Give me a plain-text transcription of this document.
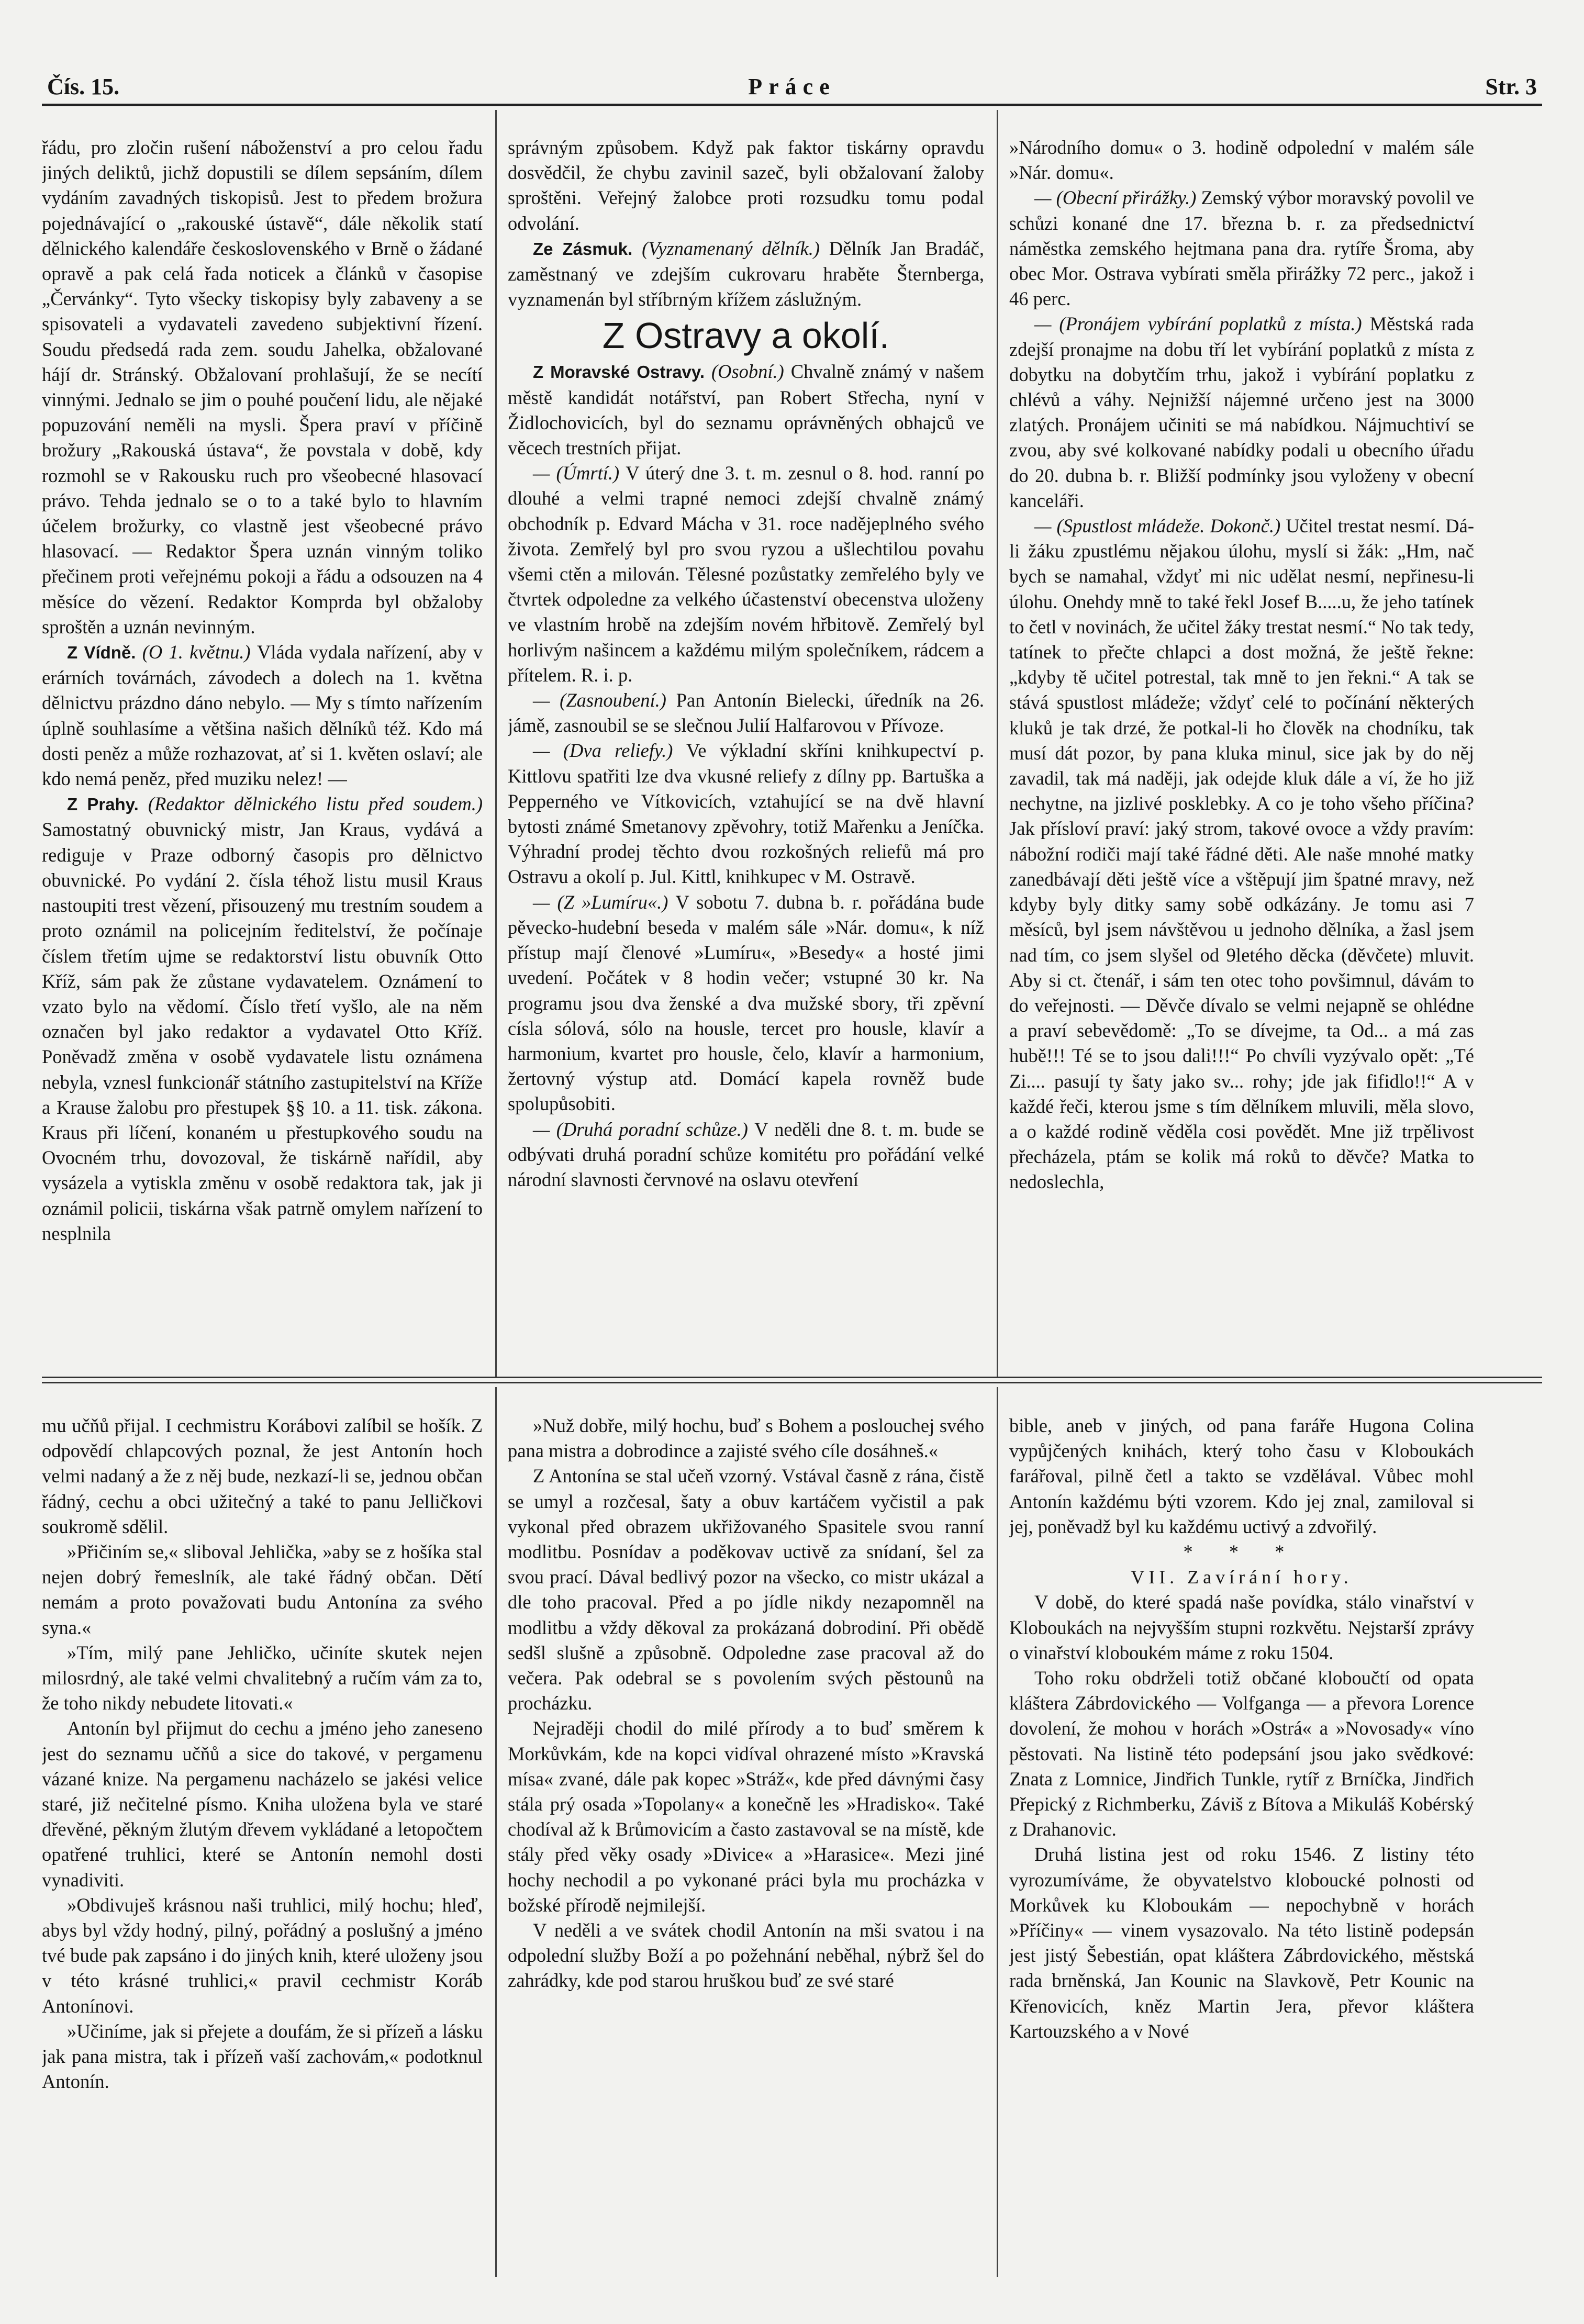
Čís. 15.	Práce	Str. 3

řádu, pro zločin rušení náboženství a pro celou řadu jiných deliktů, jichž dopustili se dílem sepsáním, dílem vydáním zavadných tiskopisů. Jest to předem brožura pojednávající o „rakouské ústavě“, dále několik statí dělnického kalendáře československého v Brně o žádané opravě a pak celá řada noticek a článků v časopise „Červánky“. Tyto všecky tiskopisy byly zabaveny a se spisovateli a vydavateli zavedeno subjektivní řízení. Soudu předsedá rada zem. soudu Jahelka, obžalované hájí dr. Stránský. Obžalovaní prohlašují, že se necítí vinnými. Jednalo se jim o pouhé poučení lidu, ale nějaké popuzování neměli na mysli. Špera praví v příčině brožury „Rakouská ústava“, že povstala v době, kdy rozmohl se v Rakousku ruch pro všeobecné hlasovací právo. Tehda jednalo se o to a také bylo to hlavním účelem brožurky, co vlastně jest všeobecné právo hlasovací. — Redaktor Špera uznán vinným toliko přečinem proti veřejnému pokoji a řádu a odsouzen na 4 měsíce do vězení. Redaktor Komprda byl obžaloby sproštěn a uznán nevinným.

Z Vídně. (O 1. květnu.) Vláda vydala nařízení, aby v erárních továrnách, závodech a dolech na 1. května dělnictvu prázdno dáno nebylo. — My s tímto nařízením úplně souhlasíme a většina našich dělníků též. Kdo má dosti peněz a může rozhazovat, ať si 1. květen oslaví; ale kdo nemá peněz, před muziku nelez! —

Z Prahy. (Redaktor dělnického listu před soudem.) Samostatný obuvnický mistr, Jan Kraus, vydává a rediguje v Praze odborný časopis pro dělnictvo obuvnické. Po vydání 2. čísla téhož listu musil Kraus nastoupiti trest vězení, přisouzený mu trestním soudem a proto oznámil na policejním ředitelství, že počínaje číslem třetím ujme se redaktorství listu obuvník Otto Kříž, sám pak že zůstane vydavatelem. Oznámení to vzato bylo na vědomí. Číslo třetí vyšlo, ale na něm označen byl jako redaktor a vydavatel Otto Kříž. Poněvadž změna v osobě vydavatele listu oznámena nebyla, vznesl funkcionář státního zastupitelství na Kříže a Krause žalobu pro přestupek §§ 10. a 11. tisk. zákona. Kraus při líčení, konaném u přestupkového soudu na Ovocném trhu, dovozoval, že tiskárně nařídil, aby vysázela a vytiskla změnu v osobě redaktora tak, jak ji oznámil policii, tiskárna však patrně omylem nařízení to nesplnila

správným způsobem. Když pak faktor tiskárny opravdu dosvědčil, že chybu zavinil sazeč, byli obžalovaní žaloby sproštěni. Veřejný žalobce proti rozsudku tomu podal odvolání.

Ze Zásmuk. (Vyznamenaný dělník.) Dělník Jan Bradáč, zaměstnaný ve zdejším cukrovaru hraběte Šternberga, vyznamenán byl stříbrným křížem záslužným.

Z Ostravy a okolí.

Z Moravské Ostravy. (Osobní.) Chvalně známý v našem městě kandidát notářství, pan Robert Střecha, nyní v Židlochovicích, byl do seznamu oprávněných obhajců ve věcech trestních přijat.

— (Úmrtí.) V úterý dne 3. t. m. zesnul o 8. hod. ranní po dlouhé a velmi trapné nemoci zdejší chvalně známý obchodník p. Edvard Mácha v 31. roce nadějeplného svého života. Zemřelý byl pro svou ryzou a ušlechtilou povahu všemi ctěn a milován. Tělesné pozůstatky zemřelého byly ve čtvrtek odpoledne za velkého účastenství obecenstva uloženy ve vlastním hrobě na zdejším novém hřbitově. Zemřelý byl horlivým našincem a každému milým společníkem, rádcem a přítelem. R. i. p.

— (Zasnoubení.) Pan Antonín Bielecki, úředník na 26. jámě, zasnoubil se se slečnou Julií Halfarovou v Přívoze.

— (Dva reliefy.) Ve výkladní skříni knihkupectví p. Kittlovu spatřiti lze dva vkusné reliefy z dílny pp. Bartuška a Pepperného ve Vítkovicích, vztahující se na dvě hlavní bytosti známé Smetanovy zpěvohry, totiž Mařenku a Jeníčka. Výhradní prodej těchto dvou rozkošných reliefů má pro Ostravu a okolí p. Jul. Kittl, knihkupec v M. Ostravě.

— (Z »Lumíru«.) V sobotu 7. dubna b. r. pořádána bude pěvecko-hudební beseda v malém sále »Nár. domu«, k níž přístup mají členové »Lumíru«, »Besedy« a hosté jimi uvedení. Počátek v 8 hodin večer; vstupné 30 kr. Na programu jsou dva ženské a dva mužské sbory, tři zpěvní císla sólová, sólo na housle, tercet pro housle, klavír a harmonium, kvartet pro housle, čelo, klavír a harmonium, žertovný výstup atd. Domácí kapela rovněž bude spolupůsobiti.

— (Druhá poradní schůze.) V neděli dne 8. t. m. bude se odbývati druhá poradní schůze komitétu pro pořádání velké národní slavnosti červnové na oslavu otevření

»Národního domu« o 3. hodině odpolední v malém sále »Nár. domu«.

— (Obecní přirážky.) Zemský výbor moravský povolil ve schůzi konané dne 17. března b. r. za předsednictví náměstka zemského hejtmana pana dra. rytíře Šroma, aby obec Mor. Ostrava vybírati směla přirážky 72 perc., jakož i 46 perc.

— (Pronájem vybírání poplatků z místa.) Městská rada zdejší pronajme na dobu tří let vybírání poplatků z místa z dobytku na dobytčím trhu, jakož i vybírání poplatku z chlévů a váhy. Nejnižší nájemné určeno jest na 3000 zlatých. Pronájem učiniti se má nabídkou. Nájmuchtiví se zvou, aby své kolkované nabídky podali u obecního úřadu do 20. dubna b. r. Bližší podmínky jsou vyloženy v obecní kanceláři.

— (Spustlost mládeže. Dokonč.) Učitel trestat nesmí. Dá-li žáku zpustlému nějakou úlohu, myslí si žák: „Hm, nač bych se namahal, vždyť mi nic udělat nesmí, nepřinesu-li úlohu. Onehdy mně to také řekl Josef B.....u, že jeho tatínek to četl v novinách, že učitel žáky trestat nesmí.“ No tak tedy, tatínek to přečte chlapci a dost možná, že ještě řekne: „kdyby tě učitel potrestal, tak mně to jen řekni.“ A tak se stává spustlost mládeže; vždyť celé to počínání některých kluků je tak drzé, že potkal-li ho člověk na chodníku, tak musí dát pozor, by pana kluka minul, sice jak by do něj zavadil, tak má naději, jak odejde kluk dále a ví, že ho již nechytne, na jizlivé posklebky. A co je toho všeho příčina? Jak přísloví praví: jaký strom, takové ovoce a vždy pravím: nábožní rodiči mají také řádné děti. Ale naše mnohé matky zanedbávají děti ještě více a vštěpují jim špatné mravy, než kdyby byly ditky samy sobě odkázány. Je tomu asi 7 měsíců, byl jsem návštěvou u jednoho dělníka, a žasl jsem nad tím, co jsem slyšel od 9letého děcka (děvčete) mluvit. Aby si ct. čtenář, i sám ten otec toho povšimnul, dávám to do veřejnosti. — Děvče dívalo se velmi nejapně se ohlédne a praví sebevědomě: „To se dívejme, ta Od... a má zas hubě!!! Té se to jsou dali!!!“ Po chvíli vyzývalo opět: „Té Zi.... pasují ty šaty jako sv... rohy; jde jak fifidlo!!“ A v každé řeči, kterou jsme s tím dělníkem mluvili, měla slovo, a o každé rodině věděla cosi povědět. Mne již trpělivost přecházela, ptám se kolik má roků to děvče? Matka to nedoslechla,

mu učňů přijal. I cechmistru Korábovi zalíbil se hošík. Z odpovědí chlapcových poznal, že jest Antonín hoch velmi nadaný a že z něj bude, nezkazí-li se, jednou občan řádný, cechu a obci užitečný a také to panu Jelličkovi soukromě sdělil.

»Přičiním se,« sliboval Jehlička, »aby se z hošíka stal nejen dobrý řemeslník, ale také řádný občan. Dětí nemám a proto považovati budu Antonína za svého syna.«

»Tím, milý pane Jehličko, učiníte skutek nejen milosrdný, ale také velmi chvalitebný a ručím vám za to, že toho nikdy nebudete litovati.«

Antonín byl přijmut do cechu a jméno jeho zaneseno jest do seznamu učňů a sice do takové, v pergamenu vázané knize. Na pergamenu nacházelo se jakési velice staré, již nečitelné písmo. Kniha uložena byla ve staré dřevěné, pěkným žlutým dřevem vykládané a letopočtem opatřené truhlici, které se Antonín nemohl dosti vynadiviti.

»Obdivuješ krásnou naši truhlici, milý hochu; hleď, abys byl vždy hodný, pilný, pořádný a poslušný a jméno tvé bude pak zapsáno i do jiných knih, které uloženy jsou v této krásné truhlici,« pravil cechmistr Koráb Antonínovi.

»Učiníme, jak si přejete a doufám, že si přízeň a lásku jak pana mistra, tak i přízeň vaší zachovám,« podotknul Antonín.

»Nuž dobře, milý hochu, buď s Bohem a poslouchej svého pana mistra a dobrodince a zajisté svého cíle dosáhneš.«

Z Antonína se stal učeň vzorný. Vstával časně z rána, čistě se umyl a rozčesal, šaty a obuv kartáčem vyčistil a pak vykonal před obrazem ukřižovaného Spasitele svou ranní modlitbu. Posnídav a poděkovav uctivě za snídaní, šel za svou prací. Dával bedlivý pozor na všecko, co mistr ukázal a dle toho pracoval. Před a po jídle nikdy nezapomněl na modlitbu a vždy děkoval za prokázaná dobrodiní. Při obědě sedšl slušně a způsobně. Odpoledne zase pracoval až do večera. Pak odebral se s povolením svých pěstounů na procházku.

Nejraději chodil do milé přírody a to buď směrem k Morkůvkám, kde na kopci vidíval ohrazené místo »Kravská mísa« zvané, dále pak kopec »Stráž«, kde před dávnými časy stála prý osada »Topolany« a konečně les »Hradisko«. Také chodíval až k Brůmovicím a často zastavoval se na místě, kde stály před věky osady »Divice« a »Harasice«. Mezi jiné hochy nechodil a po vykonané práci byla mu procházka v božské přírodě nejmilejší.

V neděli a ve svátek chodil Antonín na mši svatou i na odpolední služby Boží a po požehnání neběhal, nýbrž šel do zahrádky, kde pod starou hruškou buď ze své staré

bible, aneb v jiných, od pana faráře Hugona Colina vypůjčených knihách, který toho času v Kloboukách farářoval, pilně četl a takto se vzdělával. Vůbec mohl Antonín každému býti vzorem. Kdo jej znal, zamiloval si jej, poněvadž byl ku každému uctivý a zdvořilý.

* * *

VII. Zavírání hory.

V době, do které spadá naše povídka, stálo vinařství v Kloboukách na nejvyšším stupni rozkvětu. Nejstarší zprávy o vinařství kloboukém máme z roku 1504.

Toho roku obdrželi totiž občané kloboučtí od opata kláštera Zábrdovického — Volfganga — a převora Lorence dovolení, že mohou v horách »Ostrá« a »Novosady« víno pěstovati. Na listině této podepsání jsou jako svědkové: Znata z Lomnice, Jindřich Tunkle, rytíř z Brníčka, Jindřich Přepický z Richmberku, Záviš z Bítova a Mikuláš Kobérský z Drahanovic.

Druhá listina jest od roku 1546. Z listiny této vyrozumíváme, že obyvatelstvo kloboucké polnosti od Morkůvek ku Kloboukám — nepochybně v horách »Příčiny« — vinem vysazovalo. Na této listině podepsán jest jistý Šebestián, opat kláštera Zábrdovického, městská rada brněnská, Jan Kounic na Slavkově, Petr Kounic na Křenovicích, kněz Martin Jera, převor kláštera Kartouzského a v Nové
